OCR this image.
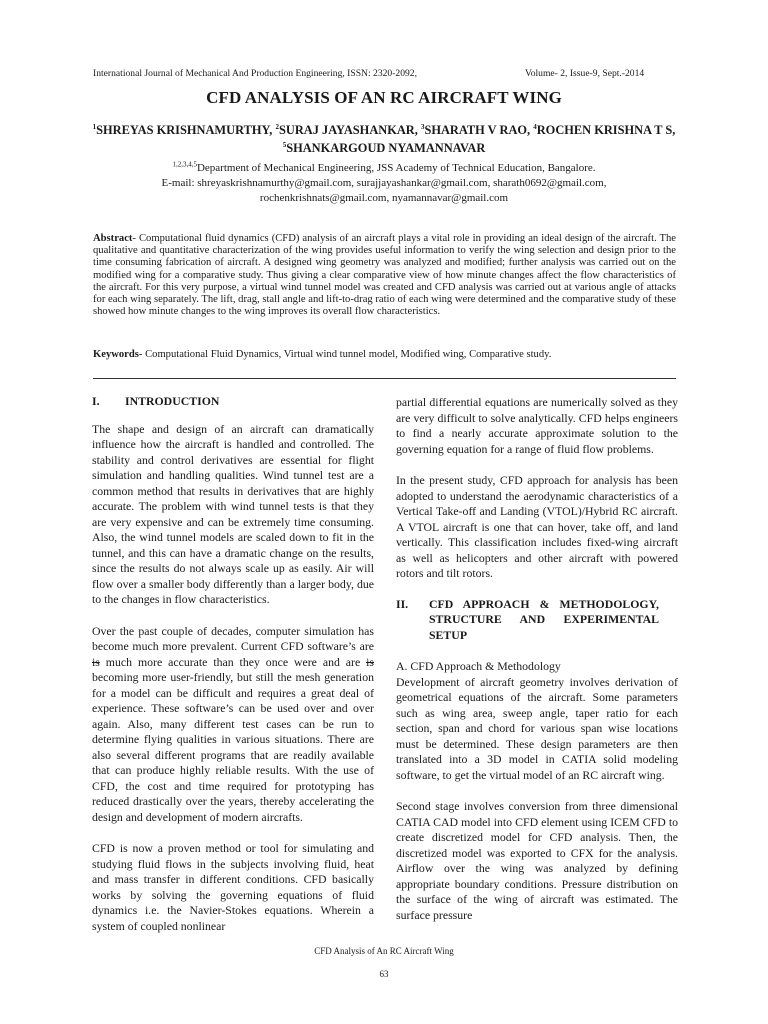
International Journal of Mechanical And Production Engineering, ISSN: 2320-2092,	Volume- 2, Issue-9, Sept.-2014
CFD ANALYSIS OF AN RC AIRCRAFT WING
$^1$SHREYAS KRISHNAMURTHY, $^2$SURAJ JAYASHANKAR, $^3$SHARATH V RAO, $^4$ROCHEN KRISHNA T S, $^5$SHANKARGOUD NYAMANNAVAR
$^{1,2,3,4,5}$Department of Mechanical Engineering, JSS Academy of Technical Education, Bangalore.
E-mail: shreyaskrishnamurthy@gmail.com, surajjayashankar@gmail.com, sharath0692@gmail.com,
rochenkrishnats@gmail.com, nyamannavar@gmail.com
Abstract- Computational fluid dynamics (CFD) analysis of an aircraft plays a vital role in providing an ideal design of the aircraft. The qualitative and quantitative characterization of the wing provides useful information to verify the wing selection and design prior to the time consuming fabrication of aircraft. A designed wing geometry was analyzed and modified; further analysis was carried out on the modified wing for a comparative study. Thus giving a clear comparative view of how minute changes affect the flow characteristics of the aircraft. For this very purpose, a virtual wind tunnel model was created and CFD analysis was carried out at various angle of attacks for each wing separately. The lift, drag, stall angle and lift-to-drag ratio of each wing were determined and the comparative study of these showed how minute changes to the wing improves its overall flow characteristics.
Keywords- Computational Fluid Dynamics, Virtual wind tunnel model, Modified wing, Comparative study.
I.	INTRODUCTION

The shape and design of an aircraft can dramatically influence how the aircraft is handled and controlled. The stability and control derivatives are essential for flight simulation and handling qualities. Wind tunnel test are a common method that results in derivatives that are highly accurate. The problem with wind tunnel tests is that they are very expensive and can be extremely time consuming. Also, the wind tunnel models are scaled down to fit in the tunnel, and this can have a dramatic change on the results, since the results do not always scale up as easily. Air will flow over a smaller body differently than a larger body, due to the changes in flow characteristics.

Over the past couple of decades, computer simulation has become much more prevalent. Current CFD software’s are is much more accurate than they once were and are is becoming more user-friendly, but still the mesh generation for a model can be difficult and requires a great deal of experience. These software’s can be used over and over again. Also, many different test cases can be run to determine flying qualities in various situations. There are also several different programs that are readily available that can produce highly reliable results. With the use of CFD, the cost and time required for prototyping has reduced drastically over the years, thereby accelerating the design and development of modern aircrafts.

CFD is now a proven method or tool for simulating and studying fluid flows in the subjects involving fluid, heat and mass transfer in different conditions. CFD basically works by solving the governing equations of fluid dynamics i.e. the Navier-Stokes equations. Wherein a system of coupled nonlinear

partial differential equations are numerically solved as they are very difficult to solve analytically. CFD helps engineers to find a nearly accurate approximate solution to the governing equation for a range of fluid flow problems.

In the present study, CFD approach for analysis has been adopted to understand the aerodynamic characteristics of a Vertical Take-off and Landing (VTOL)/Hybrid RC aircraft. A VTOL aircraft is one that can hover, take off, and land vertically. This classification includes fixed-wing aircraft as well as helicopters and other aircraft with powered rotors and tilt rotors.

II.	CFD APPROACH & METHODOLOGY, STRUCTURE AND EXPERIMENTAL SETUP
A. CFD Approach & Methodology

Development of aircraft geometry involves derivation of geometrical equations of the aircraft. Some parameters such as wing area, sweep angle, taper ratio for each section, span and chord for various span wise locations must be determined. These design parameters are then translated into a 3D model in CATIA solid modeling software, to get the virtual model of an RC aircraft wing.

Second stage involves conversion from three dimensional CATIA CAD model into CFD element using ICEM CFD to create discretized model for CFD analysis. Then, the discretized model was exported to CFX for the analysis. Airflow over the wing was analyzed by defining appropriate boundary conditions. Pressure distribution on the surface of the wing of aircraft was estimated. The surface pressure

CFD Analysis of An RC Aircraft Wing
63
